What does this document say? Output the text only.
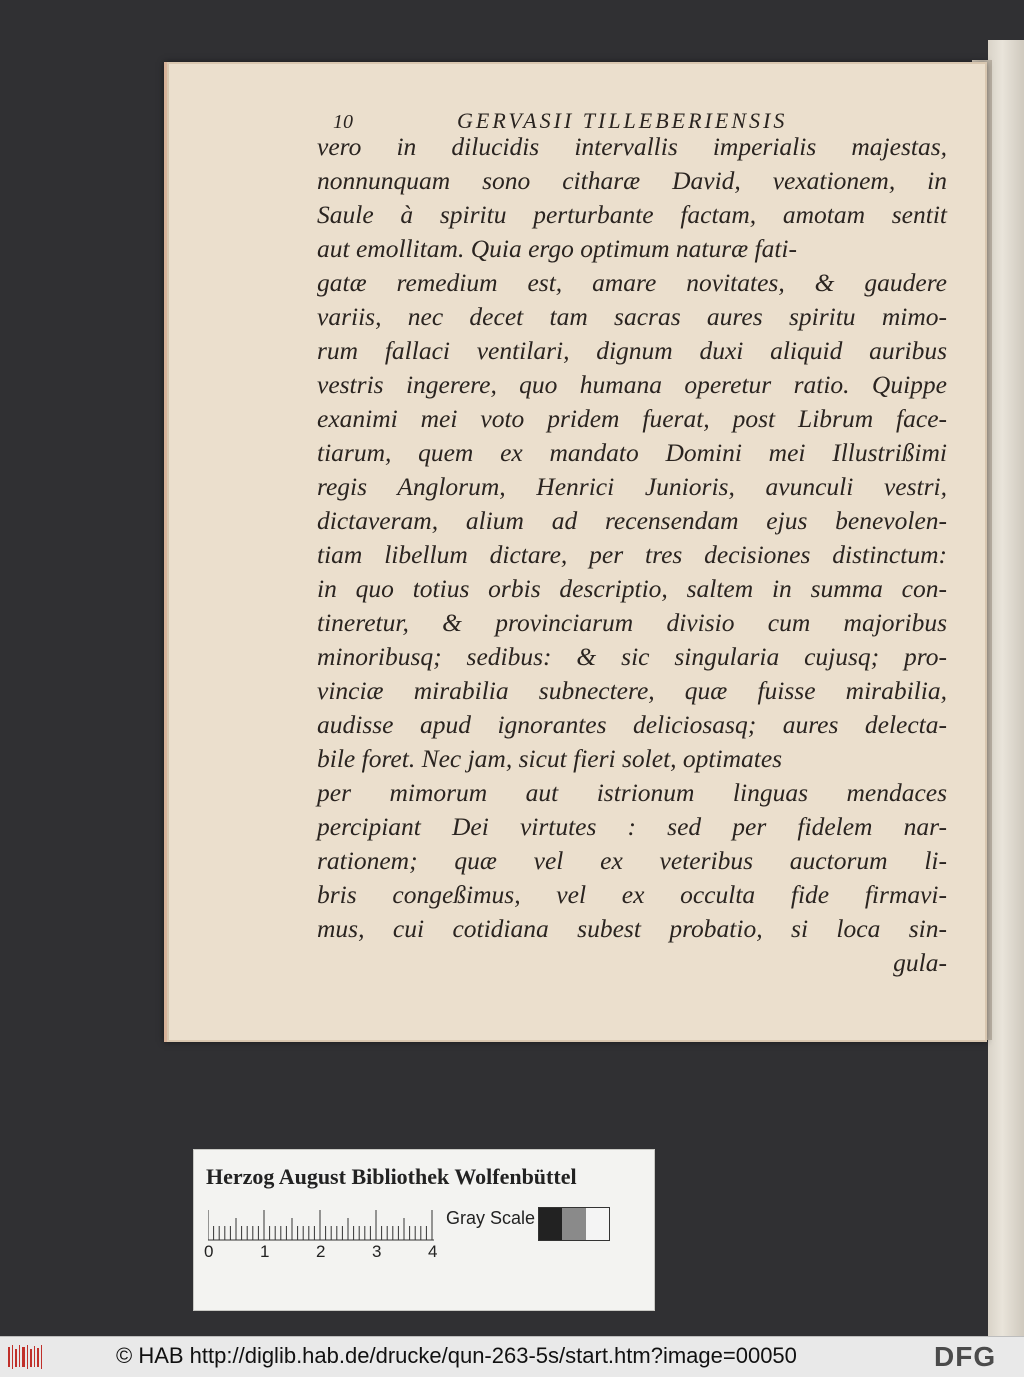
10	GERVASII TILLEBERIENSIS
vero in dilucidis intervallis imperialis majestas,
nonnunquam sono citharæ David, vexationem, in
Saule à spiritu perturbante factam, amotam sentit
aut emollitam. Quia ergo optimum naturæ fati-
gatæ remedium est, amare novitates, & gaudere
variis, nec decet tam sacras aures spiritu mimo-
rum fallaci ventilari, dignum duxi aliquid auribus
vestris ingerere, quo humana operetur ratio. Quippe
exanimi mei voto pridem fuerat, post Librum face-
tiarum, quem ex mandato Domini mei Illustrißimi
regis Anglorum, Henrici Junioris, avunculi vestri,
dictaveram, alium ad recensendam ejus benevolen-
tiam libellum dictare, per tres decisiones distinctum:
in quo totius orbis descriptio, saltem in summa con-
tineretur, & provinciarum divisio cum majoribus
minoribusq; sedibus: & sic singularia cujusq; pro-
vinciæ mirabilia subnectere, quæ fuisse mirabilia,
audisse apud ignorantes deliciosasq; aures delecta-
bile foret. Nec jam, sicut fieri solet, optimates
per mimorum aut istrionum linguas mendaces
percipiant Dei virtutes : sed per fidelem nar-
rationem; quæ vel ex veteribus auctorum li-
bris congeßimus, vel ex occulta fide firmavi-
mus, cui cotidiana subest probatio, si loca sin-
gula-
Herzog August Bibliothek Wolfenbüttel
0	1	2	3	4
Gray Scale
© HAB http://diglib.hab.de/drucke/qun-263-5s/start.htm?image=00050	DFG
